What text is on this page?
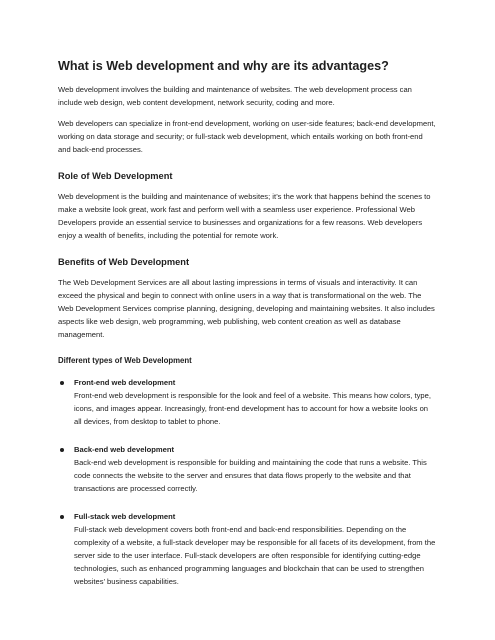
What is Web development and why are its advantages?

Web development involves the building and maintenance of websites. The web development process can include web design, web content development, network security, coding and more.

Web developers can specialize in front-end development, working on user-side features; back-end development, working on data storage and security; or full-stack web development, which entails working on both front-end and back-end processes.

Role of Web Development

Web development is the building and maintenance of websites; it’s the work that happens behind the scenes to make a website look great, work fast and perform well with a seamless user experience. Professional Web Developers provide an essential service to businesses and organizations for a few reasons. Web developers enjoy a wealth of benefits, including the potential for remote work.

Benefits of Web Development

The Web Development Services are all about lasting impressions in terms of visuals and interactivity. It can exceed the physical and begin to connect with online users in a way that is transformational on the web. The Web Development Services comprise planning, designing, developing and maintaining websites. It also includes aspects like web design, web programming, web publishing, web content creation as well as database management.

Different types of Web Development
Front-end web development
Front-end web development is responsible for the look and feel of a website. This means how colors, type, icons, and images appear. Increasingly, front-end development has to account for how a website looks on all devices, from desktop to tablet to phone.
Back-end web development
Back-end web development is responsible for building and maintaining the code that runs a website. This code connects the website to the server and ensures that data flows properly to the website and that transactions are processed correctly.
Full-stack web development
Full-stack web development covers both front-end and back-end responsibilities. Depending on the complexity of a website, a full-stack developer may be responsible for all facets of its development, from the server side to the user interface. Full-stack developers are often responsible for identifying cutting-edge technologies, such as enhanced programming languages and blockchain that can be used to strengthen websites’ business capabilities.
